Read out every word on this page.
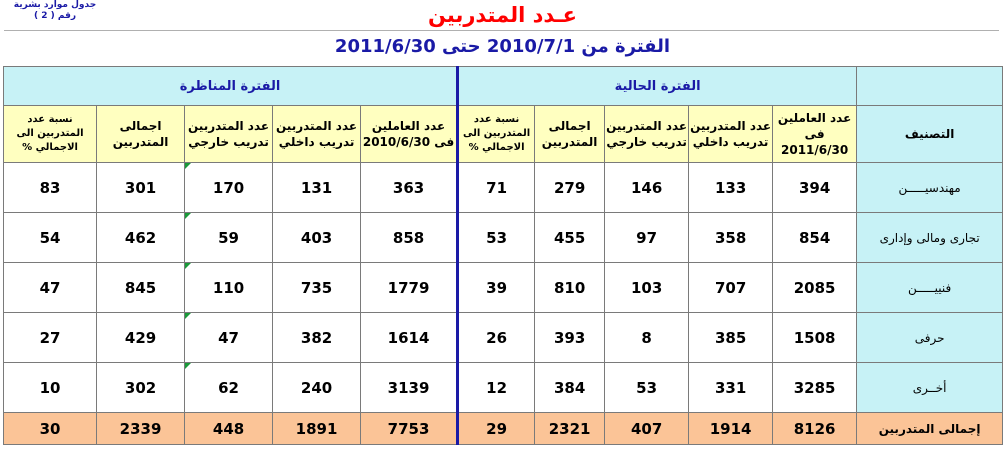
جدول موارد بشرية
رقم ( 2 )	عـدد المتدربين
الفترة من 2010/7/1 حتى 2011/6/30
	الفترة الحالية					الفترة المناظرة				
التصنيف	عدد العاملين فى 2011/6/30	عدد المتدربين تدريب داخلي	عدد المتدربين تدريب خارجي	اجمالى المتدربين	نسبة عدد المتدربين الى الاجمالي %	عدد العاملين فى 2010/6/30	عدد المتدربين تدريب داخلي	عدد المتدربين تدريب خارجي	اجمالى المتدربين	نسبة عدد المتدربين الى الاجمالي %
مهندسيـــــن	394	133	146	279	71	363	131	170	301	83
تجارى ومالى وإدارى	854	358	97	455	53	858	403	59	462	54
فنييـــــن	2085	707	103	810	39	1779	735	110	845	47
حرفى	1508	385	8	393	26	1614	382	47	429	27
أخــرى	3285	331	53	384	12	3139	240	62	302	10
إجمالى المتدربين	8126	1914	407	2321	29	7753	1891	448	2339	30
